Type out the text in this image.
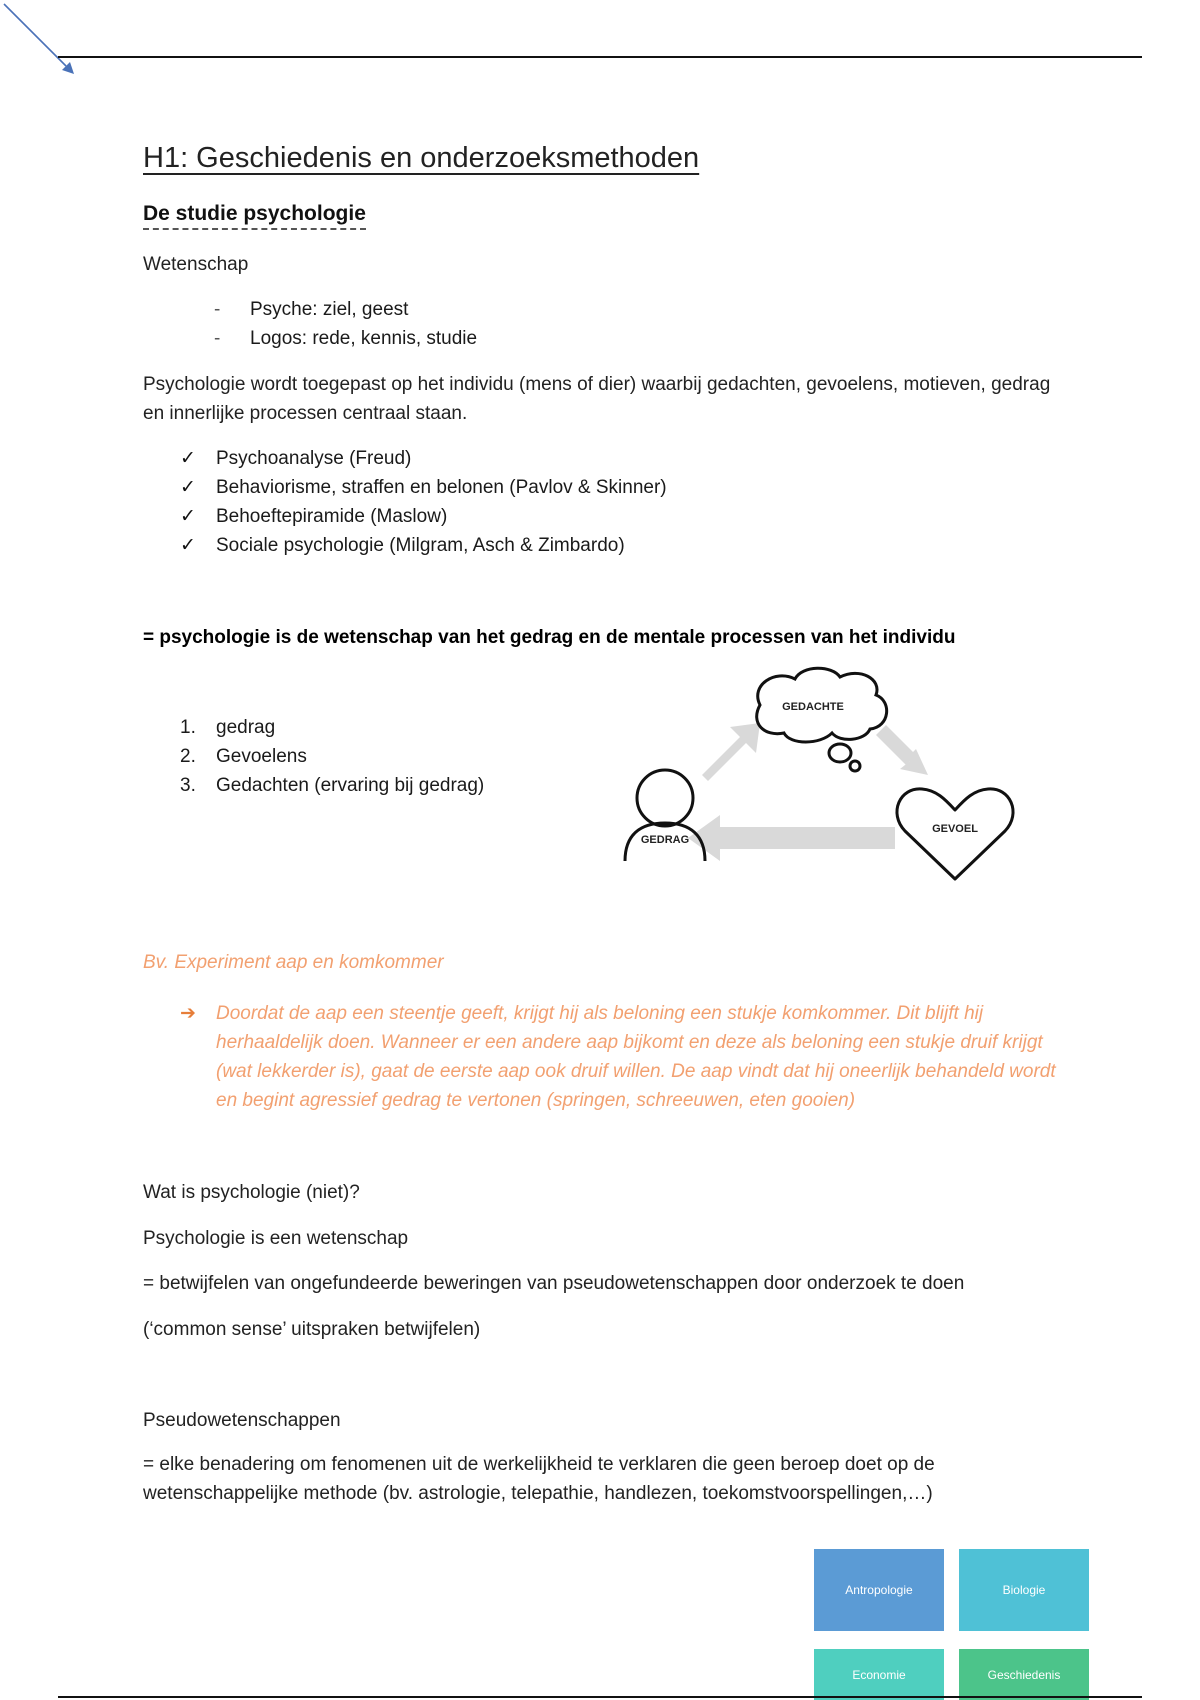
H1: Geschiedenis en onderzoeksmethoden
De studie psychologie
Wetenschap
-	Psyche: ziel, geest
-	Logos: rede, kennis, studie
Psychologie wordt toegepast op het individu (mens of dier) waarbij gedachten, gevoelens, motieven, gedrag en innerlijke processen centraal staan.
✓	Psychoanalyse (Freud)
✓	Behaviorisme, straffen en belonen (Pavlov & Skinner)
✓	Behoeftepiramide (Maslow)
✓	Sociale psychologie (Milgram, Asch & Zimbardo)
= psychologie is de wetenschap van het gedrag en de mentale processen van het individu
1.	gedrag
2.	Gevoelens
3.	Gedachten (ervaring bij gedrag)
GEDACHTE
GEVOEL
GEDRAG
Bv. Experiment aap en komkommer
➔	Doordat de aap een steentje geeft, krijgt hij als beloning een stukje komkommer. Dit blijft hij herhaaldelijk doen. Wanneer er een andere aap bijkomt en deze als beloning een stukje druif krijgt (wat lekkerder is), gaat de eerste aap ook druif willen. De aap vindt dat hij oneerlijk behandeld wordt en begint agressief gedrag te vertonen (springen, schreeuwen, eten gooien)
Wat is psychologie (niet)?
Psychologie is een wetenschap
= betwijfelen van ongefundeerde beweringen van pseudowetenschappen door onderzoek te doen
(‘common sense’ uitspraken betwijfelen)
Pseudowetenschappen
= elke benadering om fenomenen uit de werkelijkheid te verklaren die geen beroep doet op de wetenschappelijke methode (bv. astrologie, telepathie, handlezen, toekomstvoorspellingen,…)
Antropologie	Biologie
Economie	Geschiedenis
